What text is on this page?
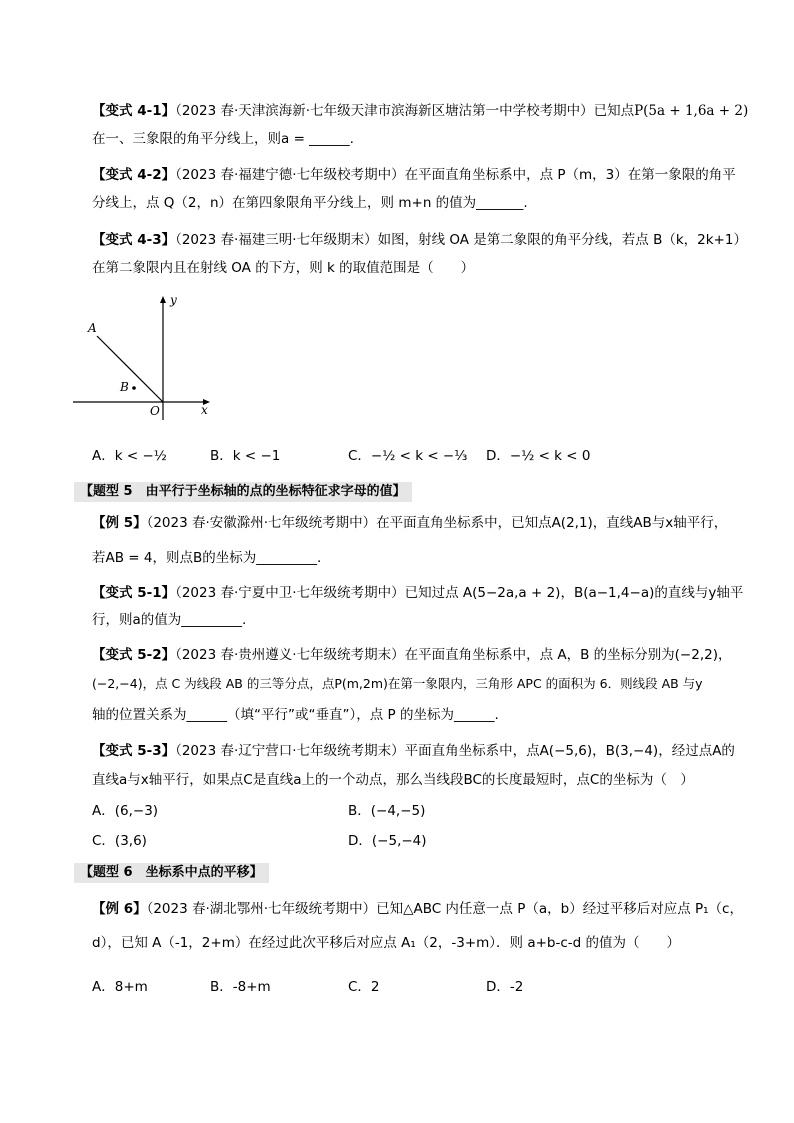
【变式 4-1】（2023 春·天津滨海新·七年级天津市滨海新区塘沽第一中学校考期中）已知点P(5a + 1,6a + 2)
在一、三象限的角平分线上，则a = ______.
【变式 4-2】（2023 春·福建宁德·七年级校考期中）在平面直角坐标系中，点 P（m，3）在第一象限的角平
分线上，点 Q（2，n）在第四象限角平分线上，则 m+n 的值为_______.
【变式 4-3】（2023 春·福建三明·七年级期末）如图，射线 OA 是第二象限的角平分线，若点 B（k，2k+1）
在第二象限内且在射线 OA 的下方，则 k 的取值范围是（　　）
y
x
A
B
O
A．k < −½	B．k < −1	C．−½ < k < −⅓ D．−½ < k < 0
【题型 5　由平行于坐标轴的点的坐标特征求字母的值】
【例 5】（2023 春·安徽滁州·七年级统考期中）在平面直角坐标系中，已知点A(2,1)，直线AB与x轴平行，
若AB = 4，则点B的坐标为_________.
【变式 5-1】（2023 春·宁夏中卫·七年级统考期中）已知过点 A(5−2a,a + 2)，B(a−1,4−a)的直线与y轴平
行，则a的值为_________.
【变式 5-2】（2023 春·贵州遵义·七年级统考期末）在平面直角坐标系中，点 A，B 的坐标分别为(−2,2)，
(−2,−4)，点 C 为线段 AB 的三等分点，点P(m,2m)在第一象限内，三角形 APC 的面积为 6．则线段 AB 与y
轴的位置关系为______（填“平行”或“垂直”），点 P 的坐标为______.
【变式 5-3】（2023 春·辽宁营口·七年级统考期末）平面直角坐标系中，点A(−5,6)，B(3,−4)，经过点A的
直线a与x轴平行，如果点C是直线a上的一个动点，那么当线段BC的长度最短时，点C的坐标为（　）
A．(6,−3)	B．(−4,−5)
C．(3,6)	D．(−5,−4)
【题型 6　坐标系中点的平移】
【例 6】（2023 春·湖北鄂州·七年级统考期中）已知△ABC 内任意一点 P（a，b）经过平移后对应点 P₁（c，
d），已知 A（-1，2+m）在经过此次平移后对应点 A₁（2，-3+m）．则 a+b-c-d 的值为（　　）
A．8+m	B．-8+m	C．2	D．-2
